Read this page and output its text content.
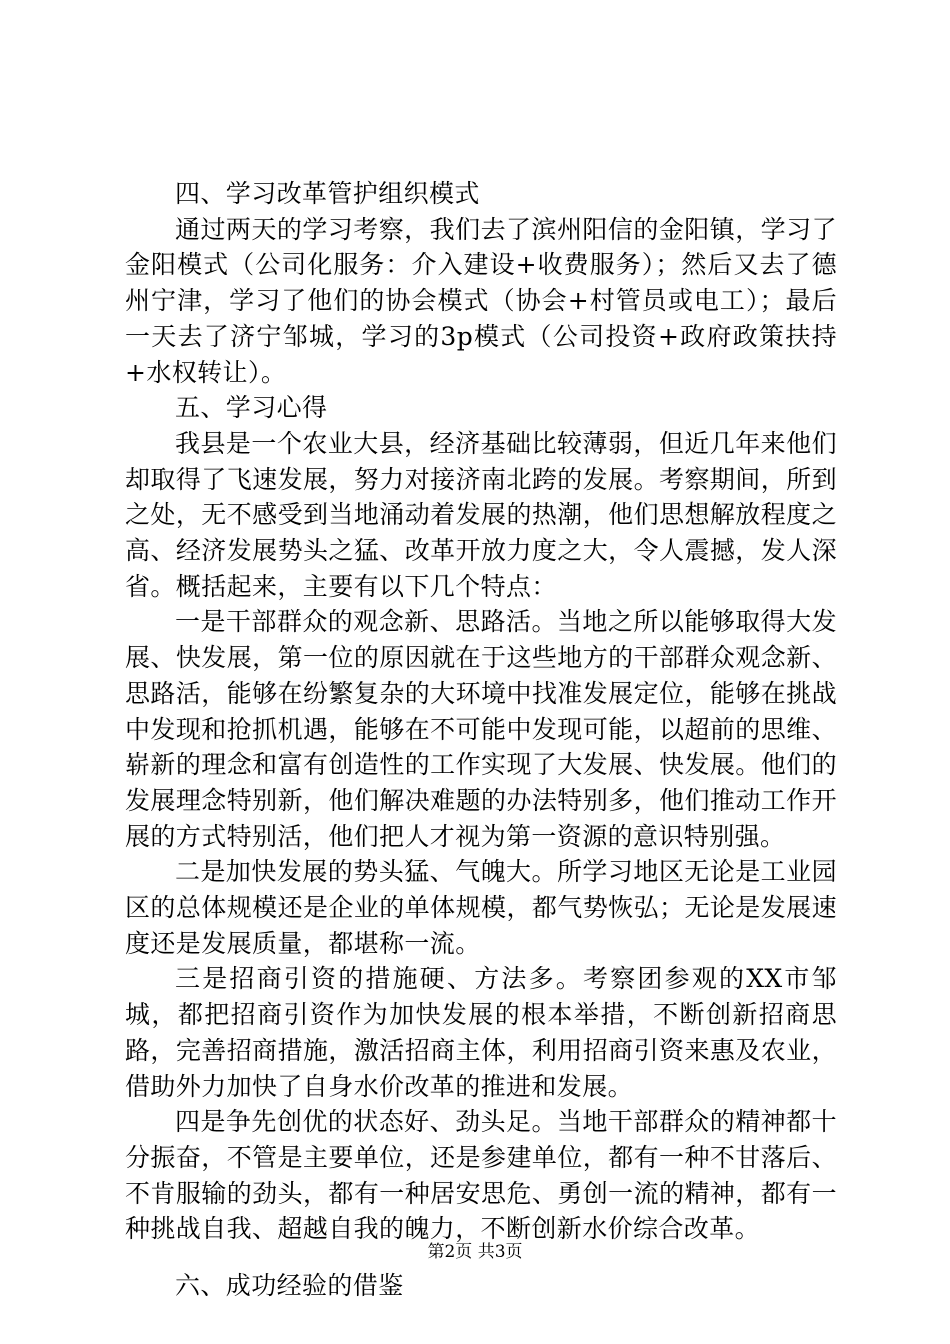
四、学习改革管护组织模式

通过两天的学习考察，我们去了滨州阳信的金阳镇，学习了金阳模式（公司化服务：介入建设+收费服务）；然后又去了德州宁津，学习了他们的协会模式（协会+村管员或电工）；最后一天去了济宁邹城，学习的3p模式（公司投资+政府政策扶持+水权转让）。

五、学习心得

我县是一个农业大县，经济基础比较薄弱，但近几年来他们却取得了飞速发展，努力对接济南北跨的发展。考察期间，所到之处，无不感受到当地涌动着发展的热潮，他们思想解放程度之高、经济发展势头之猛、改革开放力度之大，令人震撼，发人深省。概括起来，主要有以下几个特点：

一是干部群众的观念新、思路活。当地之所以能够取得大发展、快发展，第一位的原因就在于这些地方的干部群众观念新、思路活，能够在纷繁复杂的大环境中找准发展定位，能够在挑战中发现和抢抓机遇，能够在不可能中发现可能，以超前的思维、崭新的理念和富有创造性的工作实现了大发展、快发展。他们的发展理念特别新，他们解决难题的办法特别多，他们推动工作开展的方式特别活，他们把人才视为第一资源的意识特别强。

二是加快发展的势头猛、气魄大。所学习地区无论是工业园区的总体规模还是企业的单体规模，都气势恢弘；无论是发展速度还是发展质量，都堪称一流。

三是招商引资的措施硬、方法多。考察团参观的XX市邹城，都把招商引资作为加快发展的根本举措，不断创新招商思路，完善招商措施，激活招商主体，利用招商引资来惠及农业，借助外力加快了自身水价改革的推进和发展。

四是争先创优的状态好、劲头足。当地干部群众的精神都十分振奋，不管是主要单位，还是参建单位，都有一种不甘落后、不肯服输的劲头，都有一种居安思危、勇创一流的精神，都有一种挑战自我、超越自我的魄力，不断创新水价综合改革。

六、成功经验的借鉴

第2页 共3页
